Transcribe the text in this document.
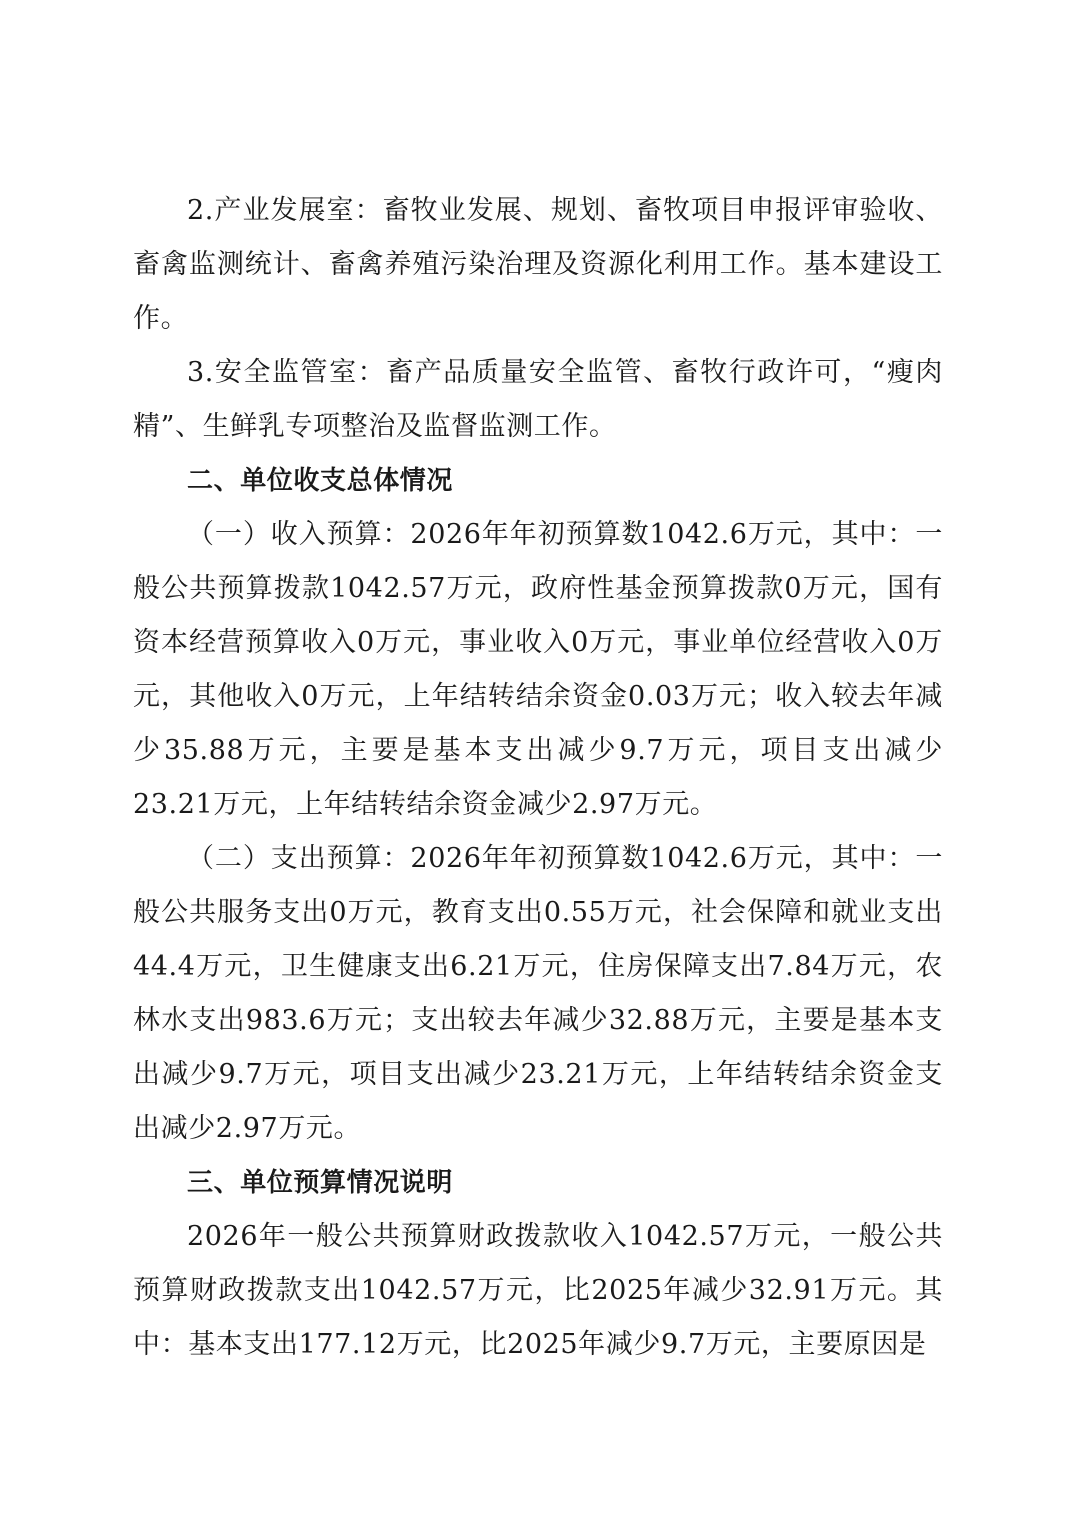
2.产业发展室：畜牧业发展、规划、畜牧项目申报评审验收、畜禽监测统计、畜禽养殖污染治理及资源化利用工作。基本建设工作。

3.安全监管室：畜产品质量安全监管、畜牧行政许可，“瘦肉精”、生鲜乳专项整治及监督监测工作。

二、单位收支总体情况

（一）收入预算：2026年年初预算数1042.6万元，其中：一般公共预算拨款1042.57万元，政府性基金预算拨款0万元，国有资本经营预算收入0万元，事业收入0万元，事业单位经营收入0万元，其他收入0万元，上年结转结余资金0.03万元；收入较去年减少35.88万元，主要是基本支出减少9.7万元，项目支出减少23.21万元，上年结转结余资金减少2.97万元。

（二）支出预算：2026年年初预算数1042.6万元，其中：一般公共服务支出0万元，教育支出0.55万元，社会保障和就业支出44.4万元，卫生健康支出6.21万元，住房保障支出7.84万元，农林水支出983.6万元；支出较去年减少32.88万元，主要是基本支出减少9.7万元，项目支出减少23.21万元，上年结转结余资金支出减少2.97万元。

三、单位预算情况说明

2026年一般公共预算财政拨款收入1042.57万元，一般公共预算财政拨款支出1042.57万元，比2025年减少32.91万元。其中：基本支出177.12万元，比2025年减少9.7万元，主要原因是
